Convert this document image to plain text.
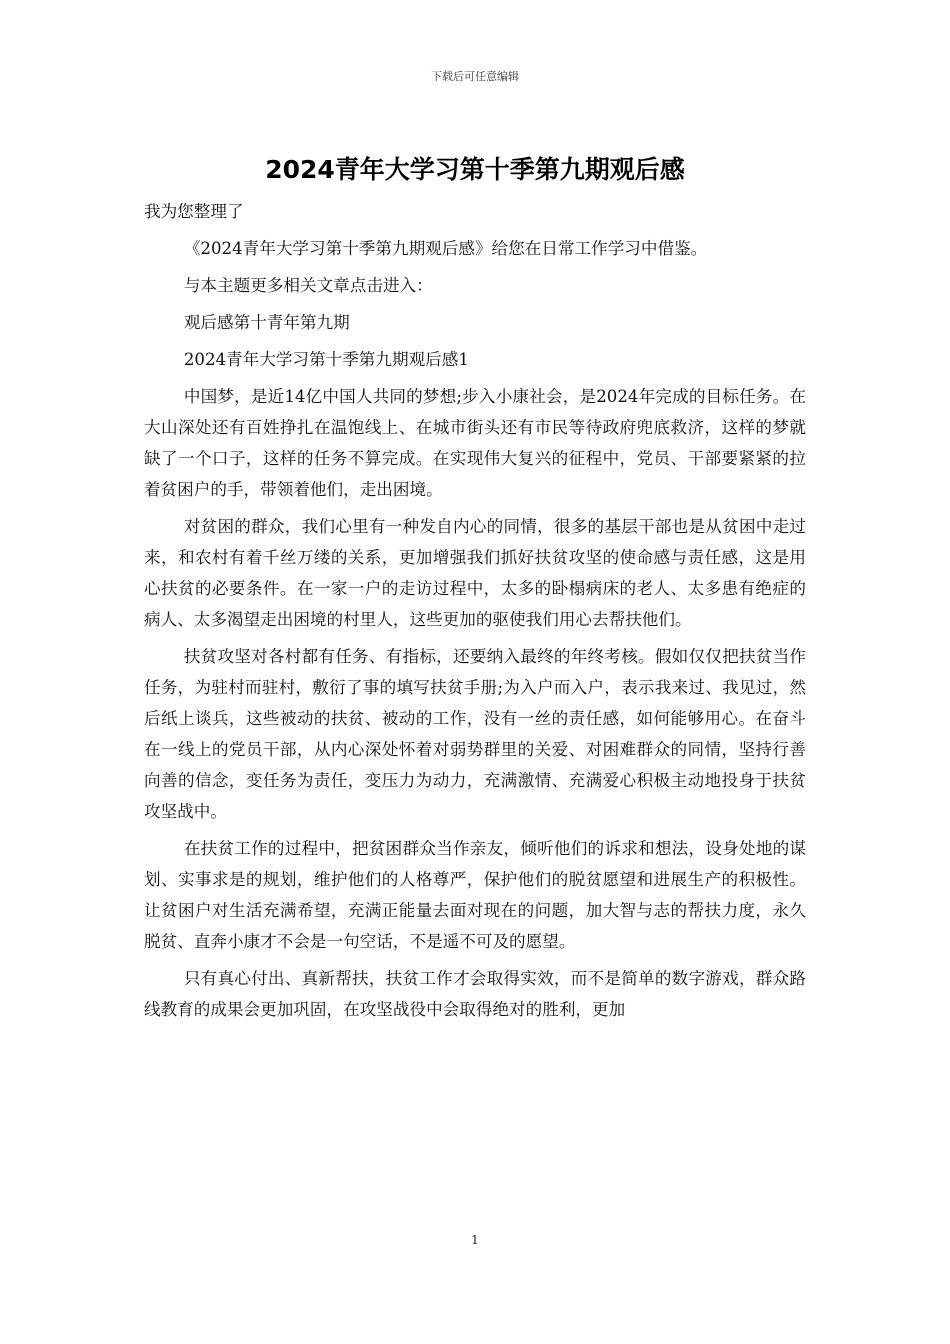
下载后可任意编辑
2024青年大学习第十季第九期观后感

我为您整理了

《2024青年大学习第十季第九期观后感》给您在日常工作学习中借鉴。

与本主题更多相关文章点击进入：

观后感第十青年第九期

2024青年大学习第十季第九期观后感1

中国梦，是近14亿中国人共同的梦想;步入小康社会，是2024年完成的目标任务。在大山深处还有百姓挣扎在温饱线上、在城市街头还有市民等待政府兜底救济，这样的梦就缺了一个口子，这样的任务不算完成。在实现伟大复兴的征程中，党员、干部要紧紧的拉着贫困户的手，带领着他们，走出困境。

对贫困的群众，我们心里有一种发自内心的同情，很多的基层干部也是从贫困中走过来，和农村有着千丝万缕的关系，更加增强我们抓好扶贫攻坚的使命感与责任感，这是用心扶贫的必要条件。在一家一户的走访过程中，太多的卧榻病床的老人、太多患有绝症的病人、太多渴望走出困境的村里人，这些更加的驱使我们用心去帮扶他们。

扶贫攻坚对各村都有任务、有指标，还要纳入最终的年终考核。假如仅仅把扶贫当作任务，为驻村而驻村，敷衍了事的填写扶贫手册;为入户而入户，表示我来过、我见过，然后纸上谈兵，这些被动的扶贫、被动的工作，没有一丝的责任感，如何能够用心。在奋斗在一线上的党员干部，从内心深处怀着对弱势群里的关爱、对困难群众的同情，坚持行善向善的信念，变任务为责任，变压力为动力，充满激情、充满爱心积极主动地投身于扶贫攻坚战中。

在扶贫工作的过程中，把贫困群众当作亲友，倾听他们的诉求和想法，设身处地的谋划、实事求是的规划，维护他们的人格尊严，保护他们的脱贫愿望和进展生产的积极性。让贫困户对生活充满希望，充满正能量去面对现在的问题，加大智与志的帮扶力度，永久脱贫、直奔小康才不会是一句空话，不是遥不可及的愿望。

只有真心付出、真新帮扶，扶贫工作才会取得实效，而不是简单的数字游戏，群众路线教育的成果会更加巩固，在攻坚战役中会取得绝对的胜利，更加

1
